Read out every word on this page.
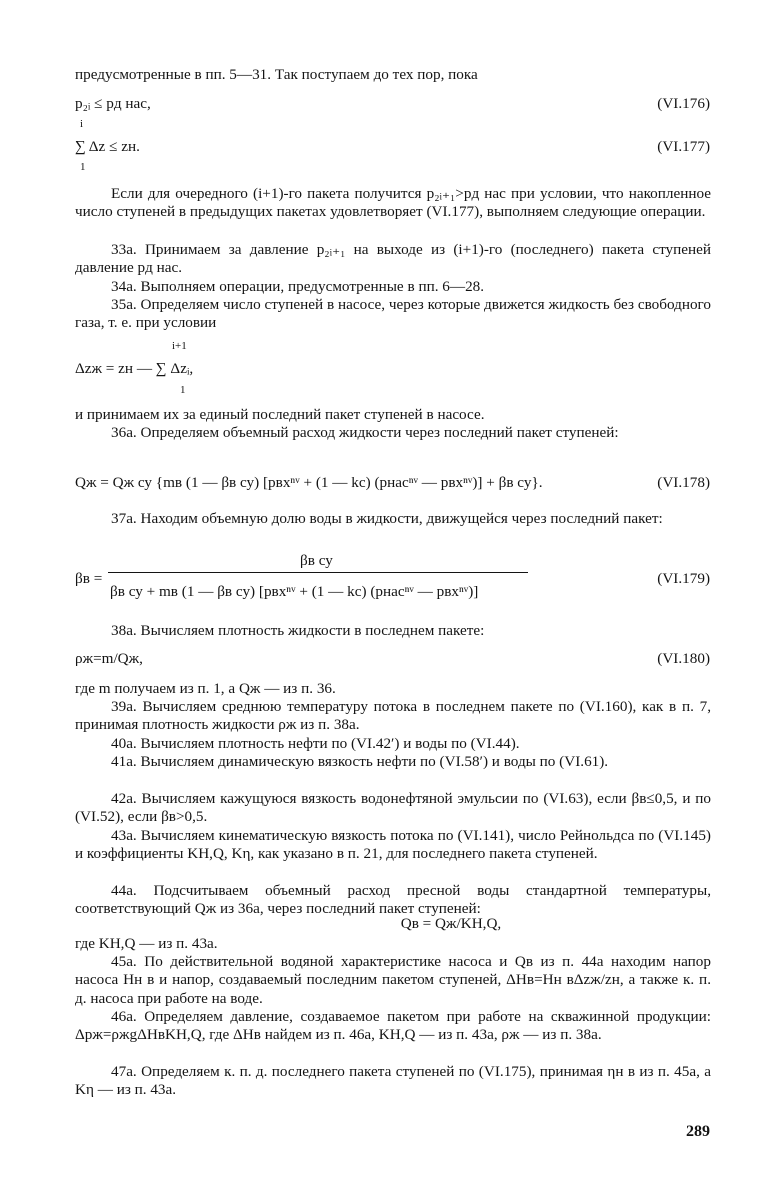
предусмотренные в пп. 5—31. Так поступаем до тех пор, пока

p₂ᵢ ≤ pд нас,	(VI.176)
i
∑ Δz ≤ zн.
1
(VI.177)

Если для очередного (i+1)-го пакета получится p₂ᵢ₊₁>pд нас при условии, что накопленное число ступеней в предыдущих пакетах удовлетворяет (VI.177), выполняем следующие операции.

33а. Принимаем за давление p₂ᵢ₊₁ на выходе из (i+1)-го (последнего) пакета ступеней давление pд нас.

34а. Выполняем операции, предусмотренные в пп. 6—28.

35а. Определяем число ступеней в насосе, через которые движется жидкость без свободного газа, т. е. при условии

i+1
Δzж = zн — ∑ Δzᵢ,
1

и принимаем их за единый последний пакет ступеней в насосе.

36а. Определяем объемный расход жидкости через последний пакет ступеней:

Qж = Qж су {mв (1 — βв су) [pвхⁿᵛ + (1 — kс) (pнасⁿᵛ — pвхⁿᵛ)] + βв су}.	(VI.178)

37а. Находим объемную долю воды в жидкости, движущейся через последний пакет:

βв =
βв су
βв су + mв (1 — βв су) [pвхⁿᵛ + (1 — kс) (pнасⁿᵛ — pвхⁿᵛ)]
(VI.179)

38а. Вычисляем плотность жидкости в последнем пакете:

ρж=m/Qж,	(VI.180)

где m получаем из п. 1, а Qж — из п. 36.

39а. Вычисляем среднюю температуру потока в последнем пакете по (VI.160), как в п. 7, принимая плотность жидкости ρж из п. 38а.

40а. Вычисляем плотность нефти по (VI.42′) и воды по (VI.44).

41а. Вычисляем динамическую вязкость нефти по (VI.58′) и воды по (VI.61).

42а. Вычисляем кажущуюся вязкость водонефтяной эмульсии по (VI.63), если βв≤0,5, и по (VI.52), если βв>0,5.

43а. Вычисляем кинематическую вязкость потока по (VI.141), число Рейнольдса по (VI.145) и коэффициенты KH,Q, Kη, как указано в п. 21, для последнего пакета ступеней.

44а. Подсчитываем объемный расход пресной воды стандартной температуры, соответствующий Qж из 36а, через последний пакет ступеней:

Qв = Qж/KH,Q,

где KH,Q — из п. 43а.

45а. По действительной водяной характеристике насоса и Qв из п. 44а находим напор насоса Hн в и напор, создаваемый последним пакетом ступеней, ΔHв=Hн вΔzж/zн, а также к. п. д. насоса при работе на воде.

46а. Определяем давление, создаваемое пакетом при работе на скважинной продукции: Δpж=ρжgΔHвKH,Q, где ΔHв найдем из п. 46а, KH,Q — из п. 43а, ρж — из п. 38а.

47а. Определяем к. п. д. последнего пакета ступеней по (VI.175), принимая ηн в из п. 45а, а Kη — из п. 43а.

289
